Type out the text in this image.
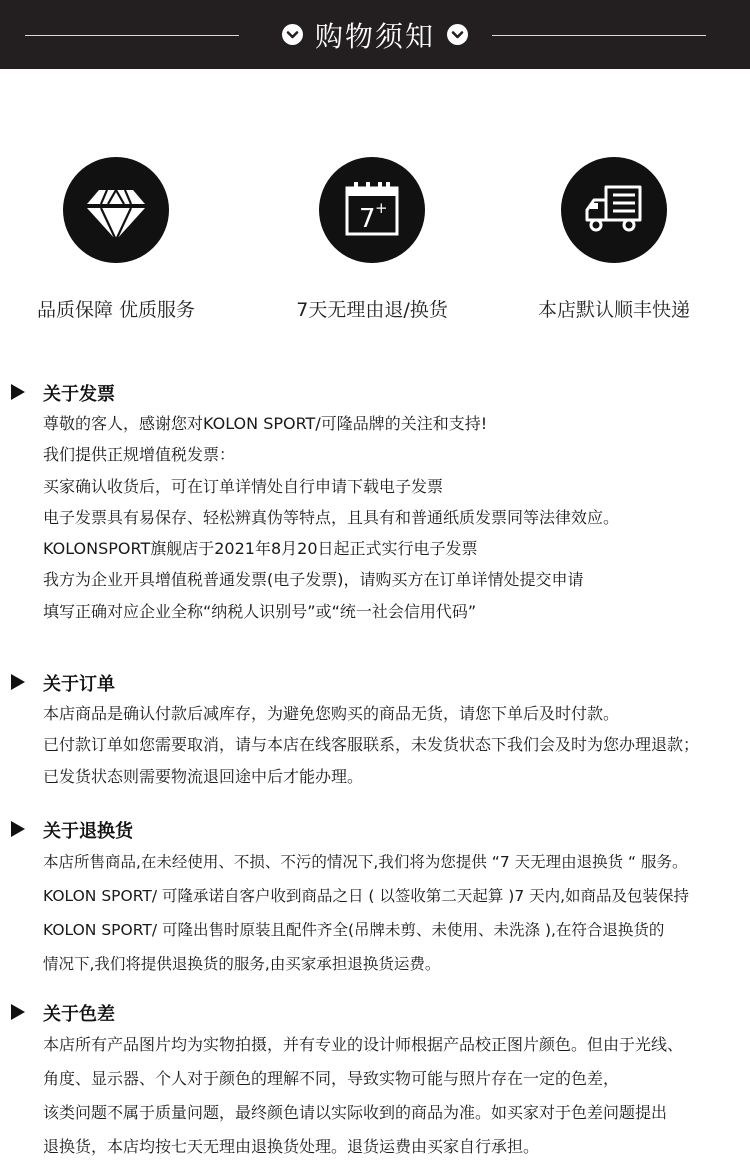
购物须知
品质保障 优质服务
7 +
7天无理由退/换货	本店默认顺丰快递
关于发票
尊敬的客人，感谢您对KOLON SPORT/可隆品牌的关注和支持!
我们提供正规增值税发票：
买家确认收货后，可在订单详情处自行申请下载电子发票
电子发票具有易保存、轻松辨真伪等特点，且具有和普通纸质发票同等法律效应。
KOLONSPORT旗舰店于2021年8月20日起正式实行电子发票
我方为企业开具增值税普通发票(电子发票)，请购买方在订单详情处提交申请
填写正确对应企业全称“纳税人识别号”或“统一社会信用代码”
关于订单
本店商品是确认付款后减库存，为避免您购买的商品无货，请您下单后及时付款。
已付款订单如您需要取消，请与本店在线客服联系，未发货状态下我们会及时为您办理退款；
已发货状态则需要物流退回途中后才能办理。
关于退换货
本店所售商品,在未经使用、不损、不污的情况下,我们将为您提供 “7 天无理由退换货 “ 服务。
KOLON SPORT/ 可隆承诺自客户收到商品之日 ( 以签收第二天起算 )7 天内,如商品及包装保持
KOLON SPORT/ 可隆出售时原装且配件齐全(吊牌未剪、未使用、未洗涤 ),在符合退换货的
情况下,我们将提供退换货的服务,由买家承担退换货运费。
关于色差
本店所有产品图片均为实物拍摄，并有专业的设计师根据产品校正图片颜色。但由于光线、
角度、显示器、个人对于颜色的理解不同，导致实物可能与照片存在一定的色差，
该类问题不属于质量问题，最终颜色请以实际收到的商品为准。如买家对于色差问题提出
退换货，本店均按七天无理由退换货处理。退货运费由买家自行承担。
